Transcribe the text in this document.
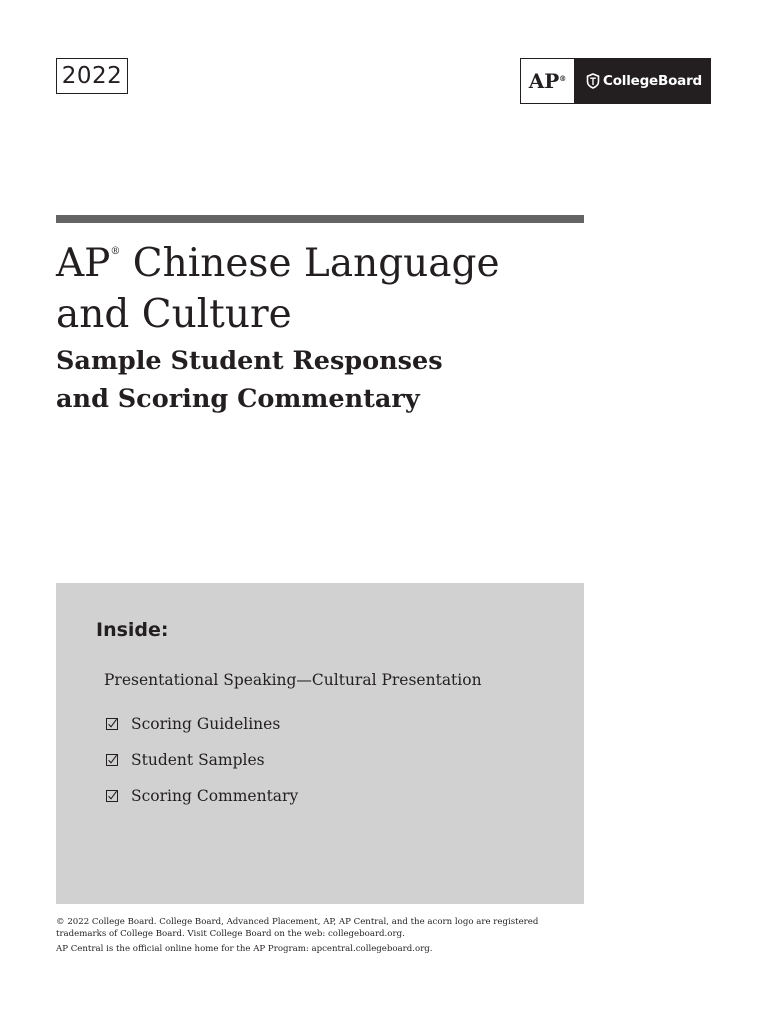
2022	AP®	CollegeBoard
AP® Chinese Language
and Culture
Sample Student Responses
and Scoring Commentary
Inside:
Presentational Speaking—Cultural Presentation
Scoring Guidelines
Student Samples
Scoring Commentary

© 2022 College Board. College Board, Advanced Placement, AP, AP Central, and the acorn logo are registered
trademarks of College Board. Visit College Board on the web: collegeboard.org.

AP Central is the official online home for the AP Program: apcentral.collegeboard.org.
